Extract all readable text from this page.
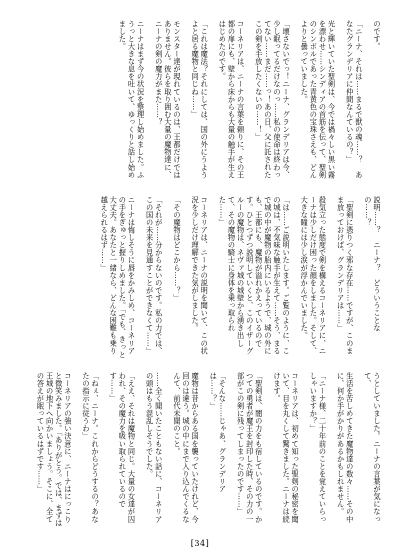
のです。

「ニーナ、それは……まるで獣の魂……？　あなたグランデリアに仲間なんているの？」

光と輝いていた聖剣は、今では禍々しい黒い霧を漂わせ……シンディアの首筋を伝って、聖剣のシンボルであった青黄色の宝珠さえも、どんよりと曇っていました。

「壊さないでっ！ニーナ、グランデリアは今、少し眠ってるだけなのっ……私の使命は終わってない……まだ……っ！あの日、父に託されたこの剣を手放したくないの……！」

コーネリアは、ニーナの言葉を頼りに、その王都の扉にも、壁から床からも大量の触手が生えはじめたのです。

「これは魔法？それにしては、国の外にうようよと居る魔物と同じね……」

モンスター達が現れているのは、王都だけではありません。彼らを取り囲む大量の魔物達に、ニーナの剣の魔力がまた……？

ニーナはまず今の状況を整理し始めました。ふうっと大きな息を吐いて、ゆっくりと話し始めました。

説明……？　ニーナ？　どういうことなの……？

「聖剣に憑りつく邪な存在……ですが、このまま放っておけば、グランデリアは……」

殺気立った態度で剣を構えるコーネリアに、ニーナは少しだけ困った顔をしました。そして、大きな瞳には少し涙が浮かんでいました。

「は……ご説明いたします。ご覧のように、この城は、不気味な触手が生えて……そう、まるで城の中が魔物の胎内にいるようで、城の外にも、王都にも、魔物が溢れかえっているのです。ひとつずつ説明していくと、このイザーグルーの魔物は、ネヴァ城の城壁から湧き出して、その魔物の騎士に身体を乗っ取られた……」

コーネリアは、ニーナの説明を聞いて、この状況を少しだけ理解できた気がしました。

「その魔物はどこから……？」

「それが……分からないのです。私の力では、この国の未来を見通すことができなくて……」

ニーナは悔しそうに唇をかみしめ、コーネリアの手をぎゅっと握りしめました。「でも、きっと大丈夫。あなたと一緒なら、どんな困難も乗り越えられるはず……」

うとしていました。ニーナの言葉が気になって、

生活を苦しめてきた魔物達の数々……その中に、何か手がかりがあるかもしれません。

「ニーナ様、二十年前のことを覚えていらっしゃいますか？」

コーネリアは、初めて知った聖剣の秘密を聞いて、目を丸くして驚きました。ニーナは続けます。

「聖剣は、闇の力をも宿しているのです。かつての勇者が魔王を封印した時、その力の一部がこの剣に残ってしまったのです……」

「そんな……じゃあ、グランデリアは……？」

魔物は昔からある国を襲っていたけれど、今回のは違う。城の中にまで入り込んでくるなんて、前代未聞のこと。

……全く聞いたこともない話に、コーネリアの頭はもう混乱しそうでした。

「ええ、それは魔物と同じ。大量の女達が囚われ、その魔力を吸い取られているのです……」

「ねぇ、ニーナ。これからどうするの？あなたの指示に従うわ」

コーネリアの強い決意に、ニーナはにっこりと微笑みました。「ありがとう。では、まずは王城の地下へ向かいましょう。そこに、全ての答えが眠っているはずです……」

[34]
